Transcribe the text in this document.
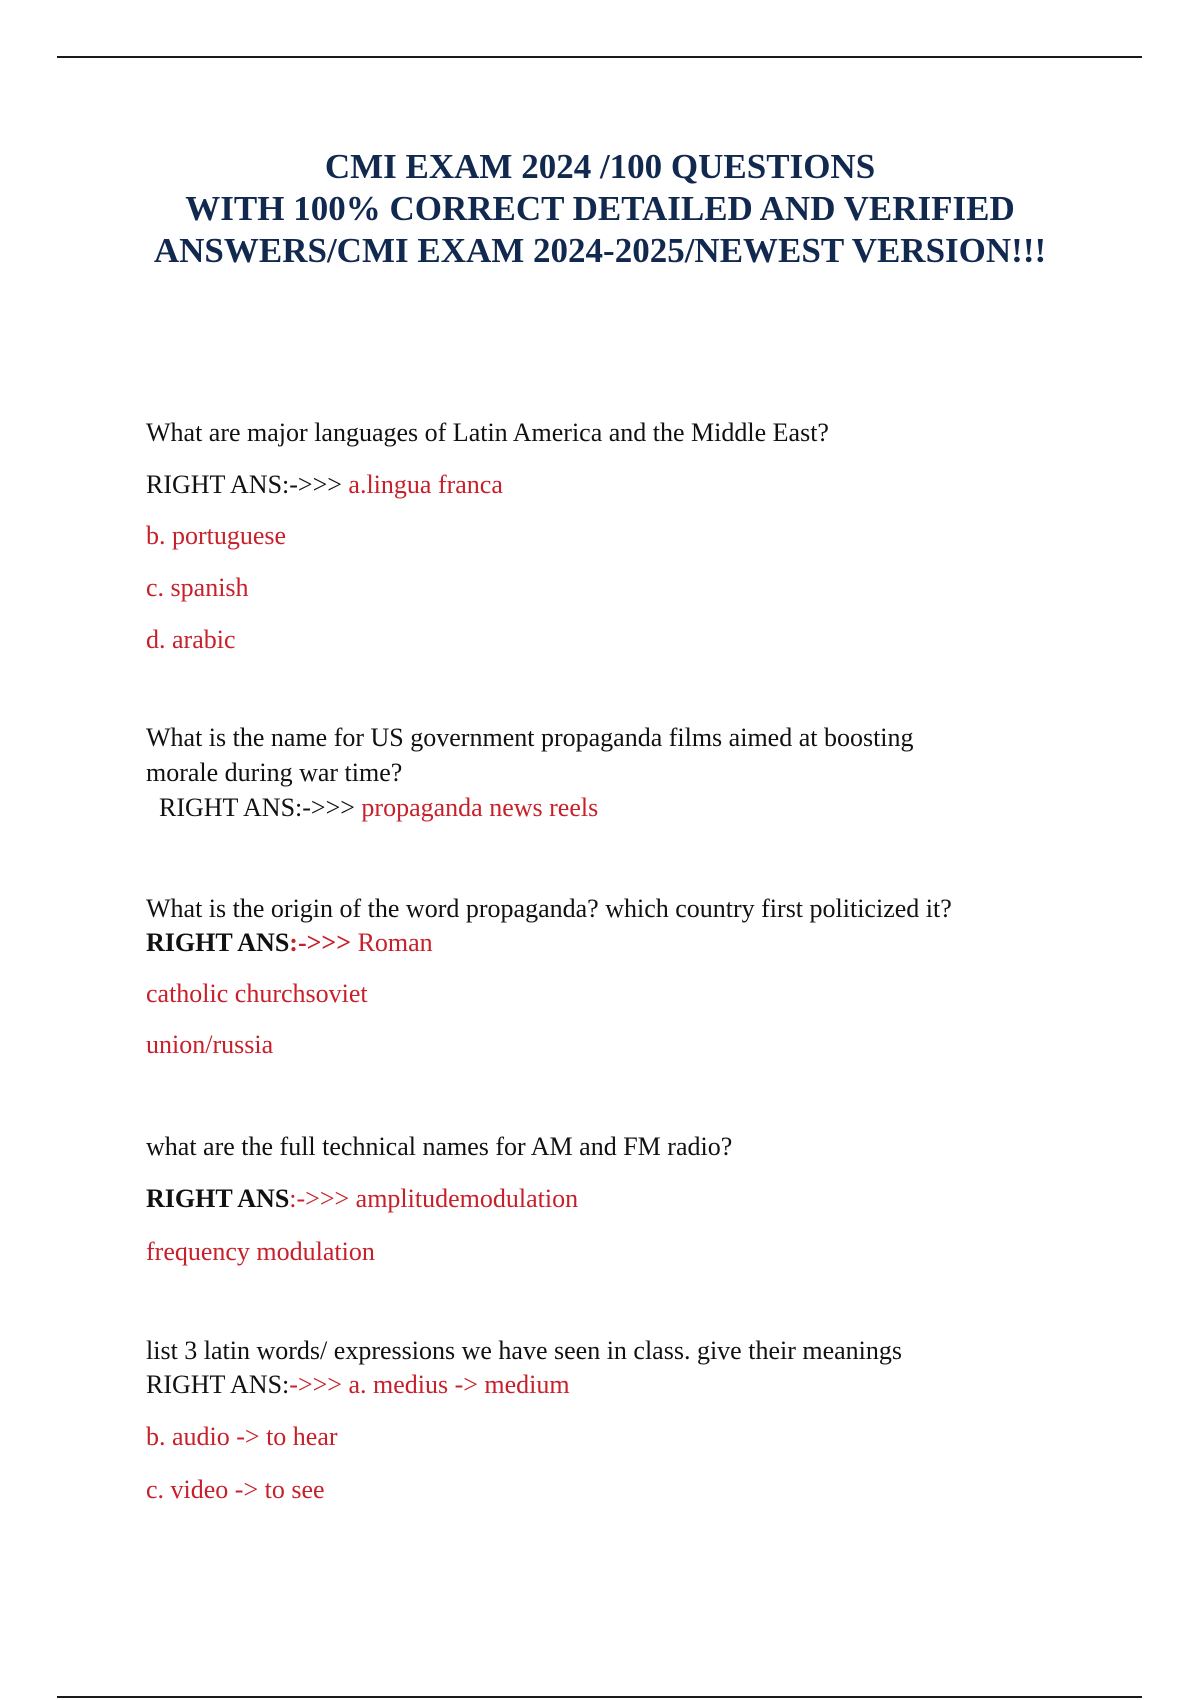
CMI EXAM 2024 /100 QUESTIONS
WITH 100% CORRECT DETAILED AND VERIFIED
ANSWERS/CMI EXAM 2024-2025/NEWEST VERSION!!!
What are major languages of Latin America and the Middle East?
RIGHT ANS:->>> a.lingua franca
b. portuguese
c. spanish
d. arabic
What is the name for US government propaganda films aimed at boosting
morale during war time?
RIGHT ANS:->>> propaganda news reels
What is the origin of the word propaganda? which country first politicized it?
RIGHT ANS:->>> Roman
catholic churchsoviet
union/russia
what are the full technical names for AM and FM radio?
RIGHT ANS:->>> amplitudemodulation
frequency modulation
list 3 latin words/ expressions we have seen in class. give their meanings
RIGHT ANS:->>> a. medius -> medium
b. audio -> to hear
c. video -> to see
